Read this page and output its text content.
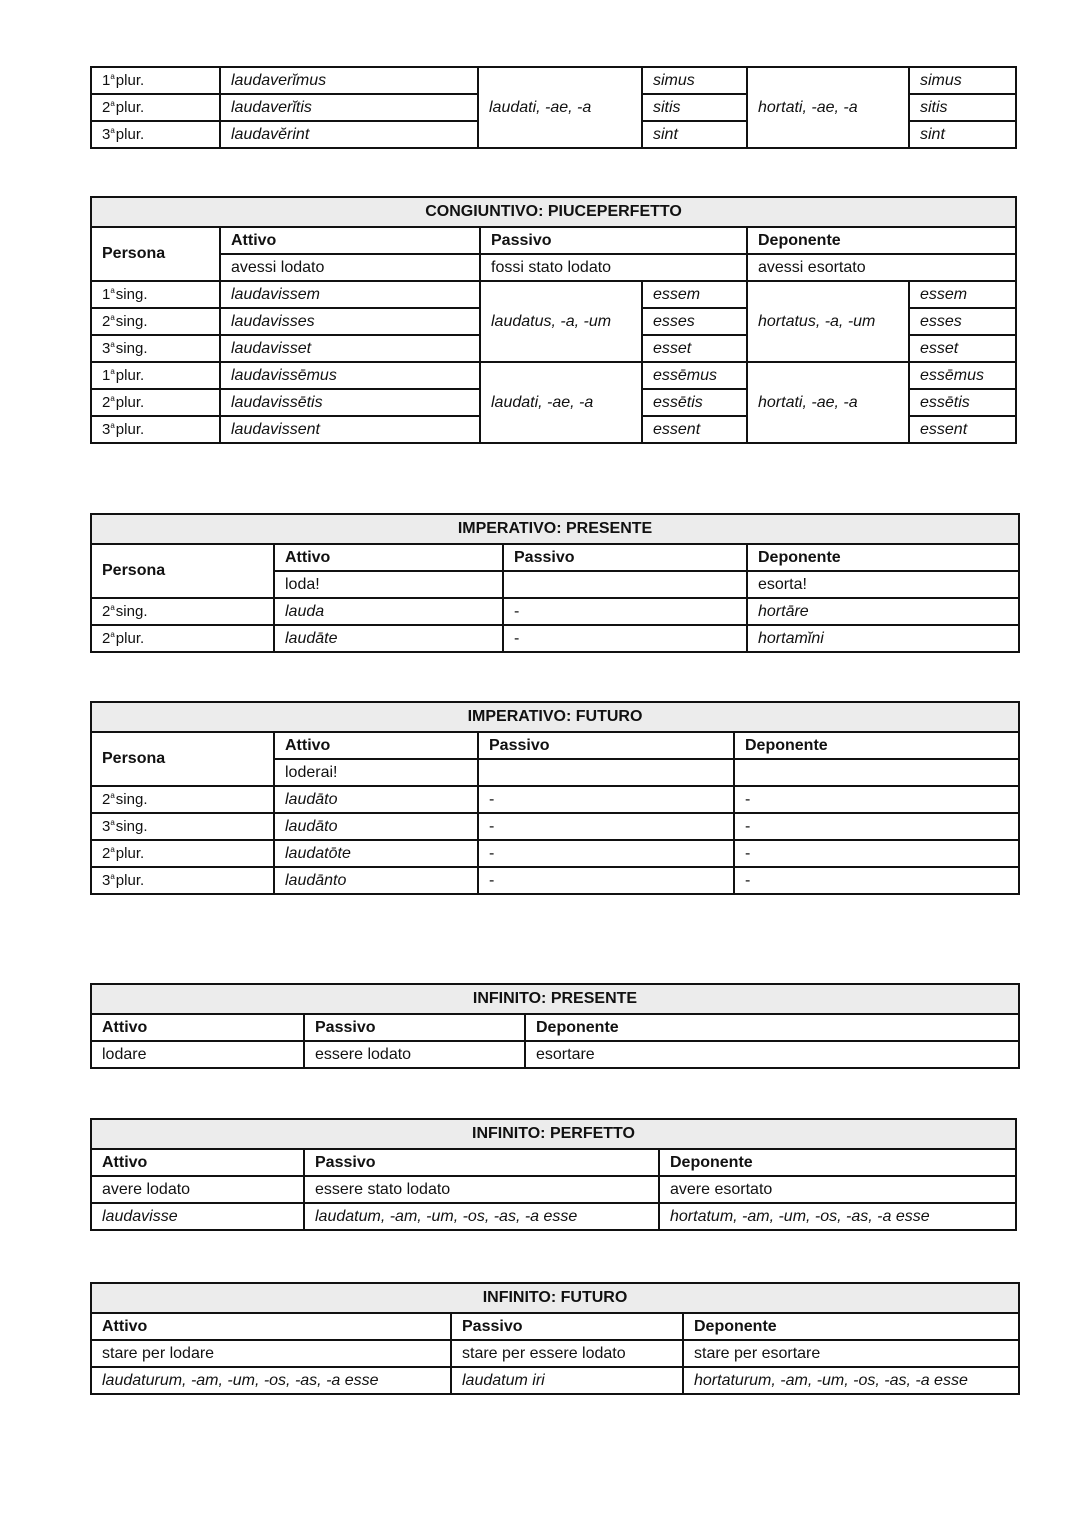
1$^a$plur.	laudaverĭmus	laudati, -ae, -a	simus	hortati, -ae, -a	simus
2$^a$plur.	laudaverĭtis		sitis		sitis
3$^a$plur.	laudavĕrint		sint		sint
CONGIUNTIVO: PIUCEPERFETTO					
Persona	Attivo	Passivo		Deponente	
	avessi lodato	fossi stato lodato		avessi esortato	
1$^a$sing.	laudavissem	laudatus, -a, -um	essem	hortatus, -a, -um	essem
2$^a$sing.	laudavisses		esses		esses
3$^a$sing.	laudavisset		esset		esset
1$^a$plur.	laudavissēmus	laudati, -ae, -a	essēmus	hortati, -ae, -a	essēmus
2$^a$plur.	laudavissētis		essētis		essētis
3$^a$plur.	laudavissent		essent		essent
IMPERATIVO: PRESENTE			
Persona	Attivo	Passivo	Deponente
	loda!		esorta!
2$^a$sing.	lauda	-	hortāre
2$^a$plur.	laudāte	-	hortamĭni
IMPERATIVO: FUTURO			
Persona	Attivo	Passivo	Deponente
	loderai!		
2$^a$sing.	laudāto	-	-
3$^a$sing.	laudāto	-	-
2$^a$plur.	laudatōte	-	-
3$^a$plur.	laudānto	-	-
INFINITO: PRESENTE		
Attivo	Passivo	Deponente
lodare	essere lodato	esortare
INFINITO: PERFETTO		
Attivo	Passivo	Deponente
avere lodato	essere stato lodato	avere esortato
laudavisse	laudatum, -am, -um, -os, -as, -a esse	hortatum, -am, -um, -os, -as, -a esse
INFINITO: FUTURO		
Attivo	Passivo	Deponente
stare per lodare	stare per essere lodato	stare per esortare
laudaturum, -am, -um, -os, -as, -a esse	laudatum iri	hortaturum, -am, -um, -os, -as, -a esse
